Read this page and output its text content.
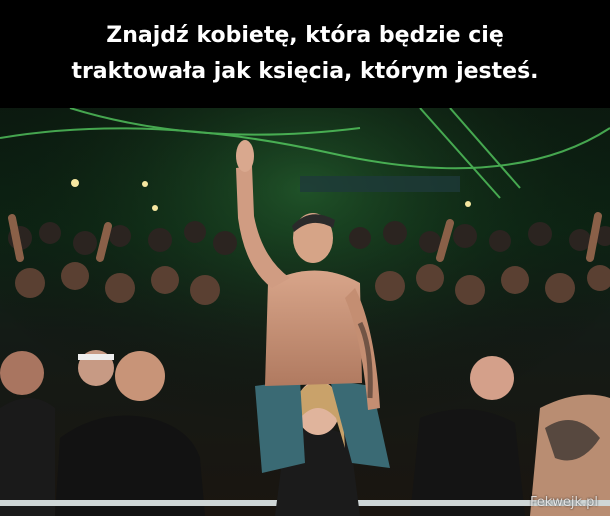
Znajdź kobietę, która będzie cię
traktowała jak księcia, którym jesteś.
Fekwejk.pl
